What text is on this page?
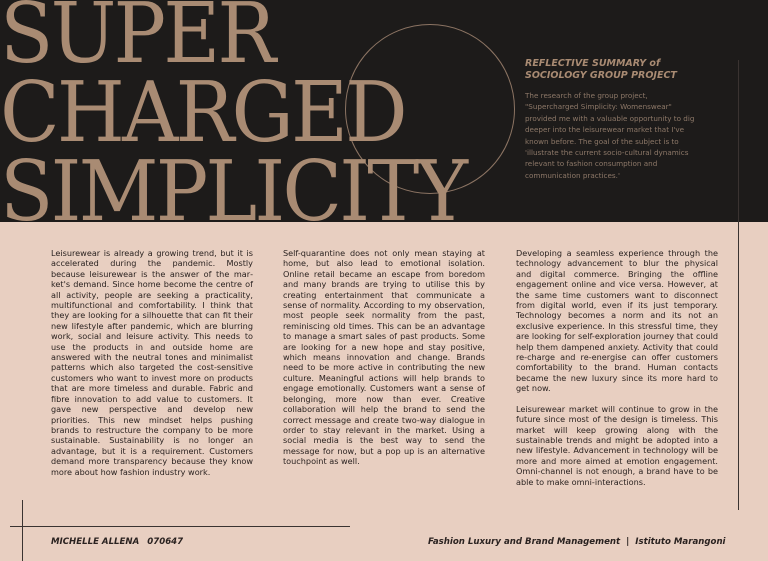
SUPER
CHARGED
SIMPLICITY
REFLECTIVE SUMMARY of
SOCIOLOGY GROUP PROJECT

The research of the group project, "Supercharged Simplicity: Womenswear" provided me with a valuable opportunity to dig deeper into the leisurewear market that I've known before. The goal of the subject is to 'illustrate the current socio-cultural dynamics relevant to fashion consumption and communication practices.'

Leisurewear is already a growing trend, but it is accelerated during the pandemic. Mostly because leisurewear is the answer of the market's demand. Since home become the centre of all activity, people are seeking a practicality, multifunctional and comfortability. I think that they are looking for a silhouette that can fit their new lifestyle after pandemic, which are blurring work, social and leisure activity. This needs to use the products in and outside home are answered with the neutral tones and minimalist patterns which also targeted the cost-sensitive customers who want to invest more on products that are more timeless and durable. Fabric and fibre innovation to add value to customers. It gave new perspective and develop new priorities. This new mindset helps pushing brands to restructure the company to be more sustainable. Sustainability is no longer an advantage, but it is a requirement. Customers demand more transparency because they know more about how fashion industry work.

Self-quarantine does not only mean staying at home, but also lead to emotional isolation. Online retail became an escape from boredom and many brands are trying to utilise this by creating entertainment that communicate a sense of normality. According to my observation, most people seek normality from the past, reminiscing old times. This can be an advantage to manage a smart sales of past products. Some are looking for a new hope and stay positive, which means innovation and change. Brands need to be more active in contributing the new culture. Meaningful actions will help brands to engage emotionally. Customers want a sense of belonging, more now than ever. Creative collaboration will help the brand to send the correct message and create two-way dialogue in order to stay relevant in the market. Using a social media is the best way to send the message for now, but a pop up is an alternative touchpoint as well.

Developing a seamless experience through the technology advancement to blur the physical and digital commerce. Bringing the offline engagement online and vice versa. However, at the same time customers want to disconnect from digital world, even if its just temporary. Technology becomes a norm and its not an exclusive experience. In this stressful time, they are looking for self-exploration journey that could help them dampened anxiety. Activity that could re-charge and re-energise can offer customers comfortability to the brand. Human contacts became the new luxury since its more hard to get now.

Leisurewear market will continue to grow in the future since most of the design is timeless. This market will keep growing along with the sustainable trends and might be adopted into a new lifestyle. Advancement in technology will be more and more aimed at emotion engagement. Omni-channel is not enough, a brand have to be able to make omni-interactions.

MICHELLE ALLENA 070647	Fashion Luxury and Brand Management | Istituto Marangoni
